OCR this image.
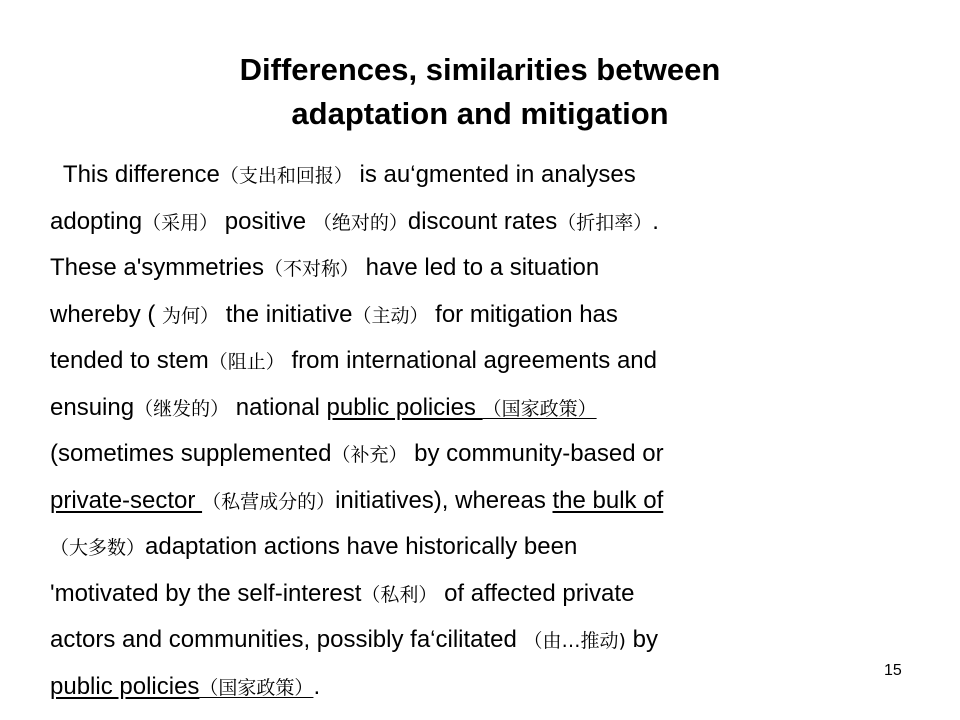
Differences, similarities between
adaptation and mitigation
This difference（支出和回报） is au‘gmented in analyses
adopting（采用） positive （绝对的）discount rates（折扣率）.
These a'symmetries（不对称） have led to a situation
whereby ( 为何） the initiative（主动） for mitigation has
tended to stem（阻止） from international agreements and
ensuing（继发的） national public policies （国家政策）
(sometimes supplemented（补充） by community-based or
private-sector （私营成分的）initiatives), whereas the bulk of
（大多数）adaptation actions have historically been
'motivated by the self-interest（私利） of affected private
actors and communities, possibly fa‘cilitated （由…推动) by
public policies（国家政策）.
15
